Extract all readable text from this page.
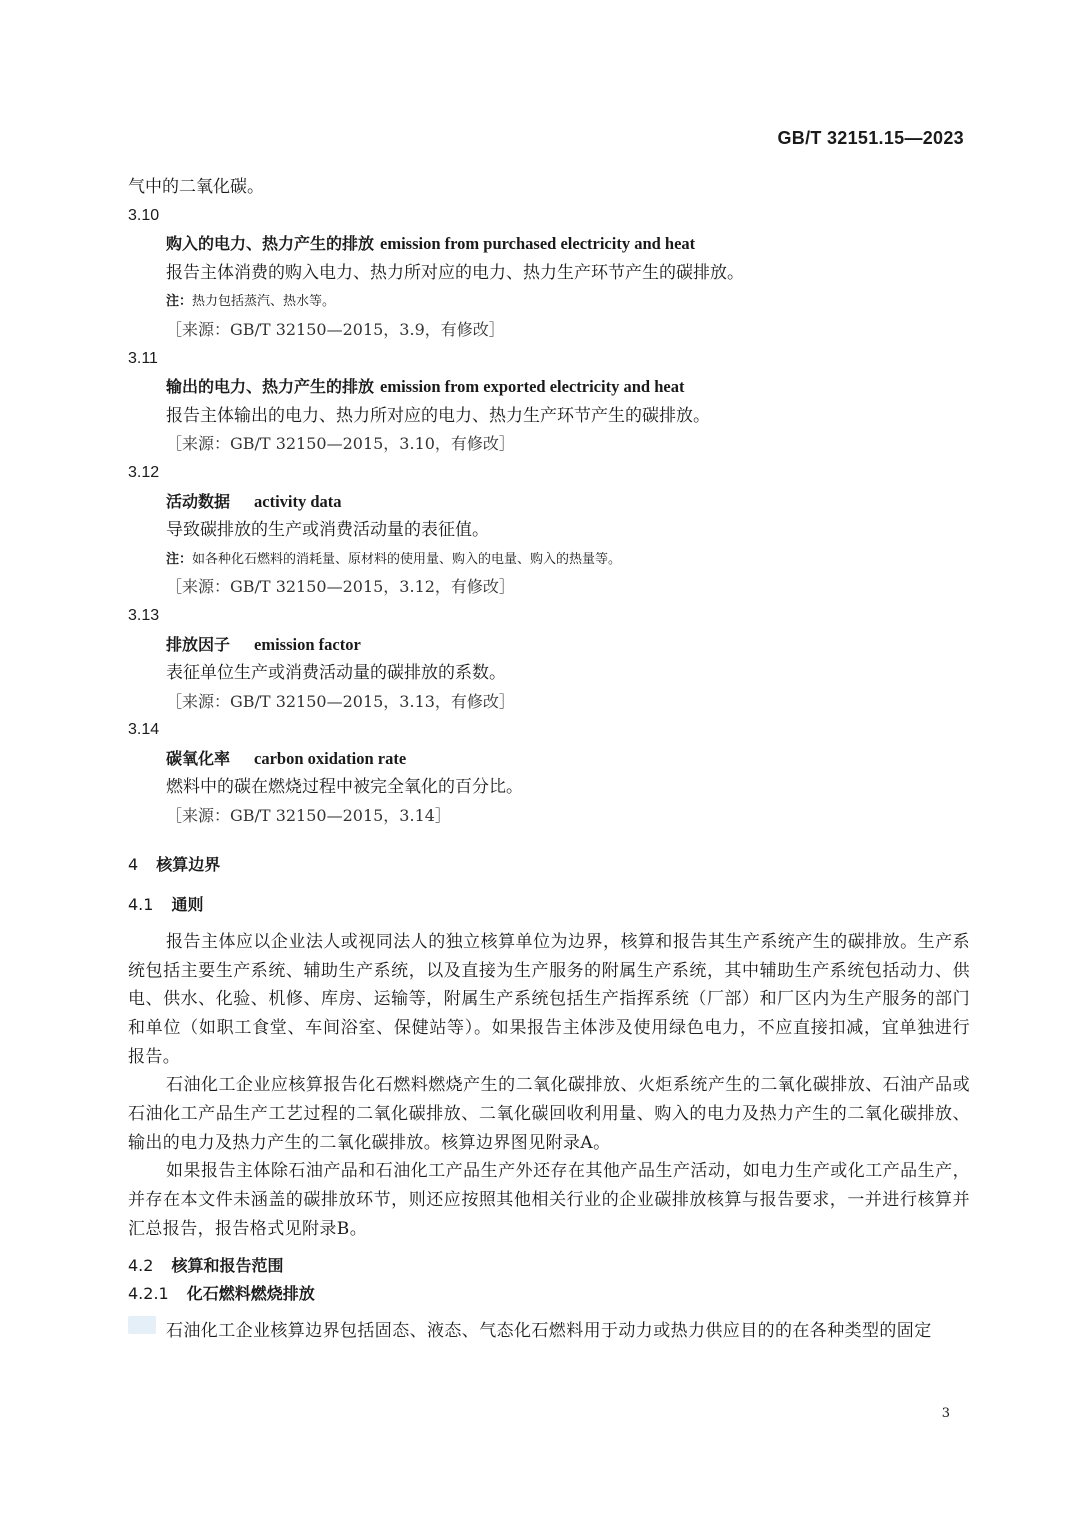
GB/T 32151.15—2023
气中的二氧化碳。
3.10
购入的电力、热力产生的排放 emission from purchased electricity and heat
报告主体消费的购入电力、热力所对应的电力、热力生产环节产生的碳排放。
注：热力包括蒸汽、热水等。
［来源：GB/T 32150—2015，3.9，有修改］
3.11
输出的电力、热力产生的排放 emission from exported electricity and heat
报告主体输出的电力、热力所对应的电力、热力生产环节产生的碳排放。
［来源：GB/T 32150—2015，3.10，有修改］
3.12
活动数据 activity data
导致碳排放的生产或消费活动量的表征值。
注：如各种化石燃料的消耗量、原材料的使用量、购入的电量、购入的热量等。
［来源：GB/T 32150—2015，3.12，有修改］
3.13
排放因子 emission factor
表征单位生产或消费活动量的碳排放的系数。
［来源：GB/T 32150—2015，3.13，有修改］
3.14
碳氧化率 carbon oxidation rate
燃料中的碳在燃烧过程中被完全氧化的百分比。
［来源：GB/T 32150—2015，3.14］
4 核算边界
4.1 通则

报告主体应以企业法人或视同法人的独立核算单位为边界，核算和报告其生产系统产生的碳排放。生产系统包括主要生产系统、辅助生产系统，以及直接为生产服务的附属生产系统，其中辅助生产系统包括动力、供电、供水、化验、机修、库房、运输等，附属生产系统包括生产指挥系统（厂部）和厂区内为生产服务的部门和单位（如职工食堂、车间浴室、保健站等）。如果报告主体涉及使用绿色电力，不应直接扣减，宜单独进行报告。

石油化工企业应核算报告化石燃料燃烧产生的二氧化碳排放、火炬系统产生的二氧化碳排放、石油产品或石油化工产品生产工艺过程的二氧化碳排放、二氧化碳回收利用量、购入的电力及热力产生的二氧化碳排放、输出的电力及热力产生的二氧化碳排放。核算边界图见附录A。

如果报告主体除石油产品和石油化工产品生产外还存在其他产品生产活动，如电力生产或化工产品生产，并存在本文件未涵盖的碳排放环节，则还应按照其他相关行业的企业碳排放核算与报告要求，一并进行核算并汇总报告，报告格式见附录B。

4.2 核算和报告范围
4.2.1 化石燃料燃烧排放

石油化工企业核算边界包括固态、液态、气态化石燃料用于动力或热力供应目的的在各种类型的固定

3
